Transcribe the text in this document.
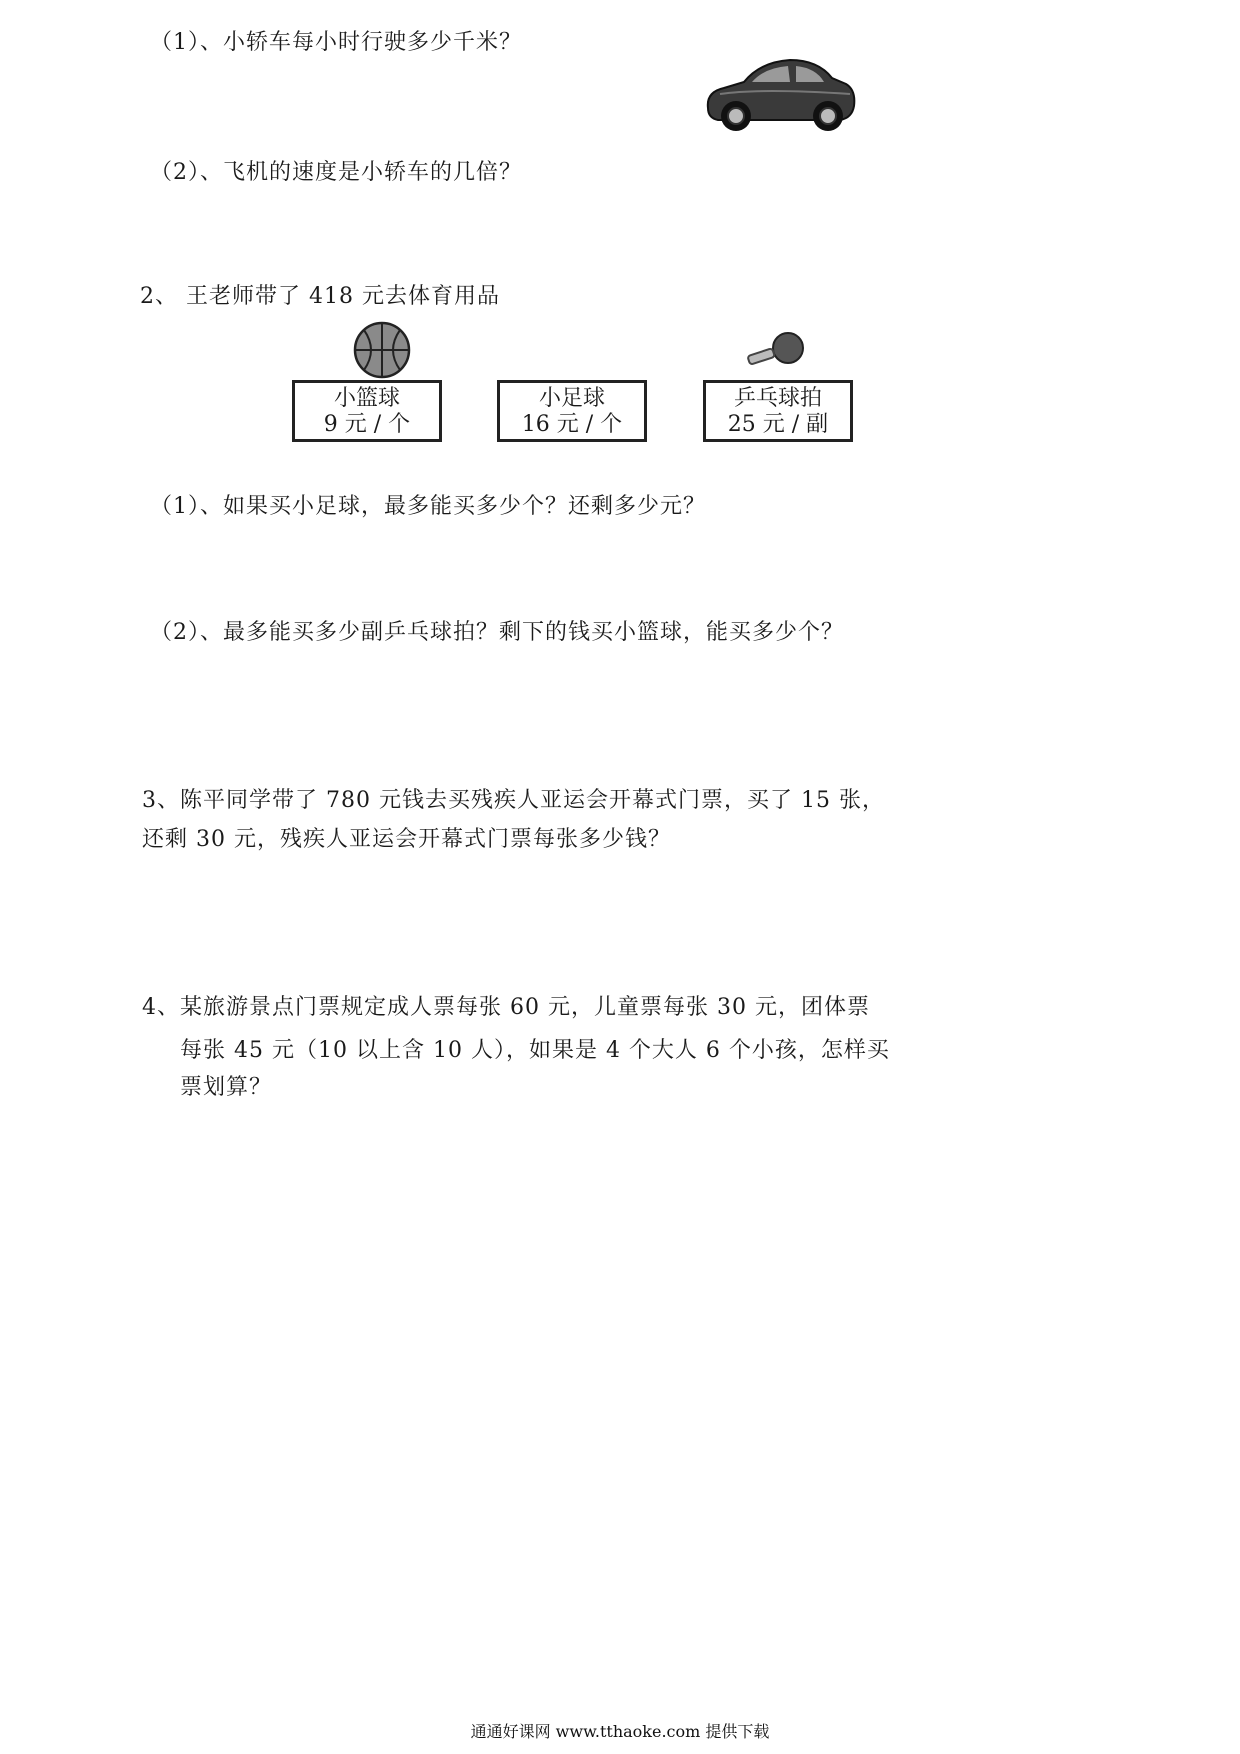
（1）、小轿车每小时行驶多少千米？
（2）、飞机的速度是小轿车的几倍？
2、 王老师带了 418 元去体育用品
小篮球
9 元 / 个
小足球
16 元 / 个
乒乓球拍
25 元 / 副
（1）、如果买小足球，最多能买多少个？还剩多少元？
（2）、最多能买多少副乒乓球拍？剩下的钱买小篮球，能买多少个？
3、陈平同学带了 780 元钱去买残疾人亚运会开幕式门票，买了 15 张，
还剩 30 元，残疾人亚运会开幕式门票每张多少钱？
4、某旅游景点门票规定成人票每张 60 元，儿童票每张 30 元，团体票
每张 45 元（10 以上含 10 人），如果是 4 个大人 6 个小孩，怎样买
票划算？
通通好课网 www.tthaoke.com 提供下载
